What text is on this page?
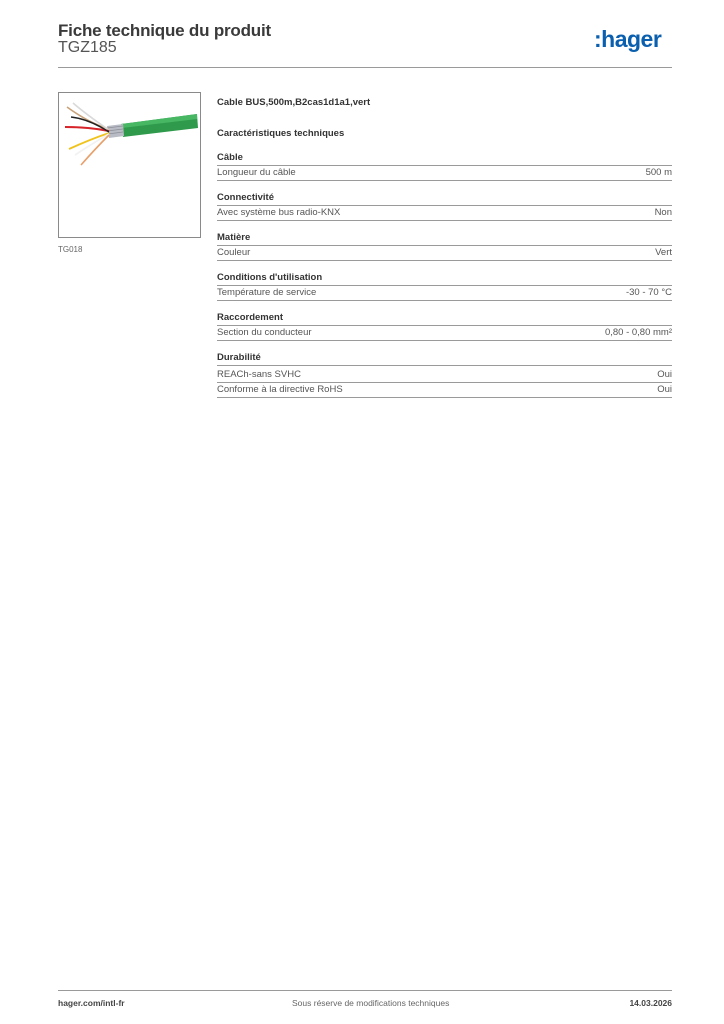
Fiche technique du produit
TGZ185	:hager
TG018
Cable BUS,500m,B2cas1d1a1,vert
Caractéristiques techniques
Câble
Longueur du câble	500 m
Connectivité
Avec système bus radio-KNX	Non
Matière
Couleur	Vert
Conditions d'utilisation
Température de service	-30 - 70 °C
Raccordement
Section du conducteur	0,80 - 0,80 mm²
Durabilité
REACh-sans SVHC	Oui
Conforme à la directive RoHS	Oui
hager.com/intl-fr	Sous réserve de modifications techniques	14.03.2026
